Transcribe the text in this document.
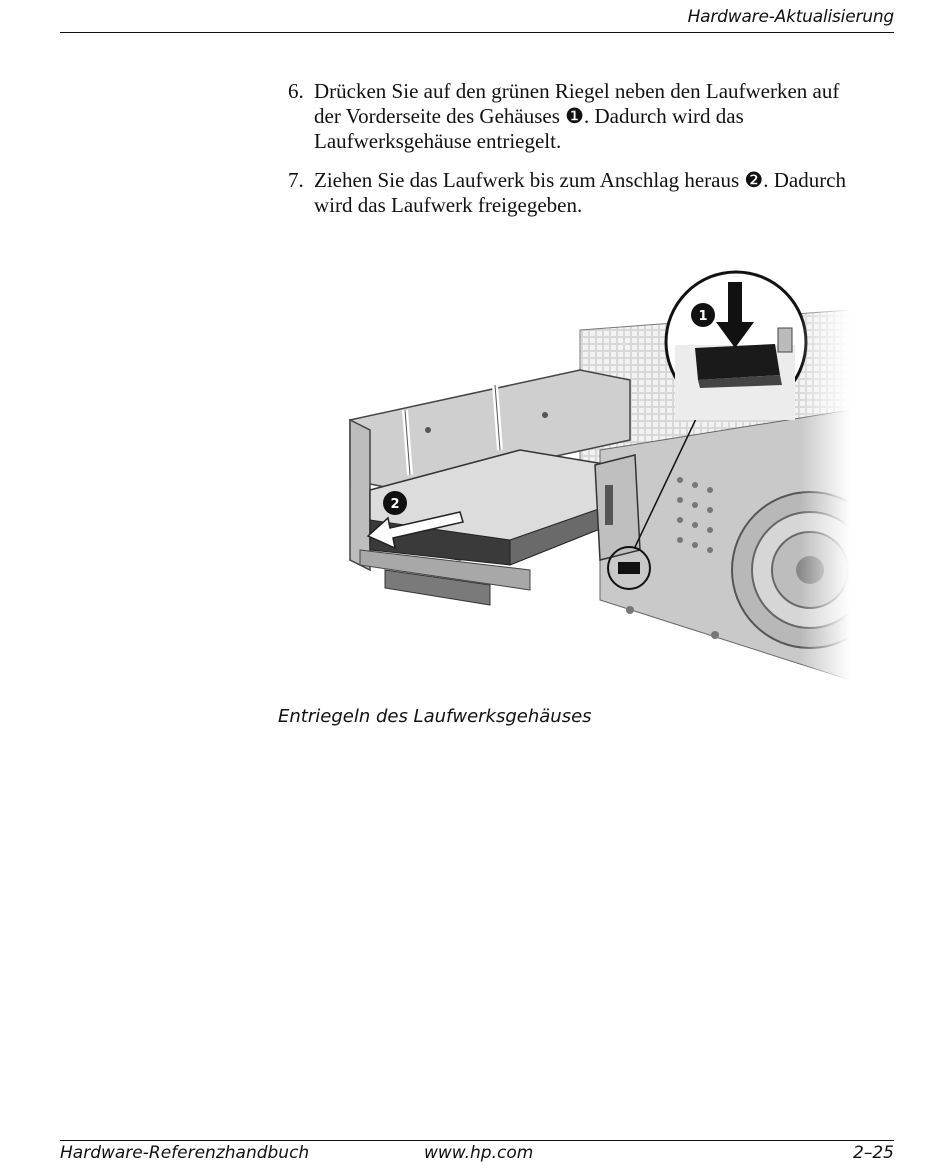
Hardware-Aktualisierung
6. Drücken Sie auf den grünen Riegel neben den Laufwerken auf der Vorderseite des Gehäuses ❶. Dadurch wird das Laufwerksgehäuse entriegelt.
7. Ziehen Sie das Laufwerk bis zum Anschlag heraus ❷. Dadurch wird das Laufwerk freigegeben.
2
1
Entriegeln des Laufwerksgehäuses
Hardware-Referenzhandbuch	www.hp.com	2–25
